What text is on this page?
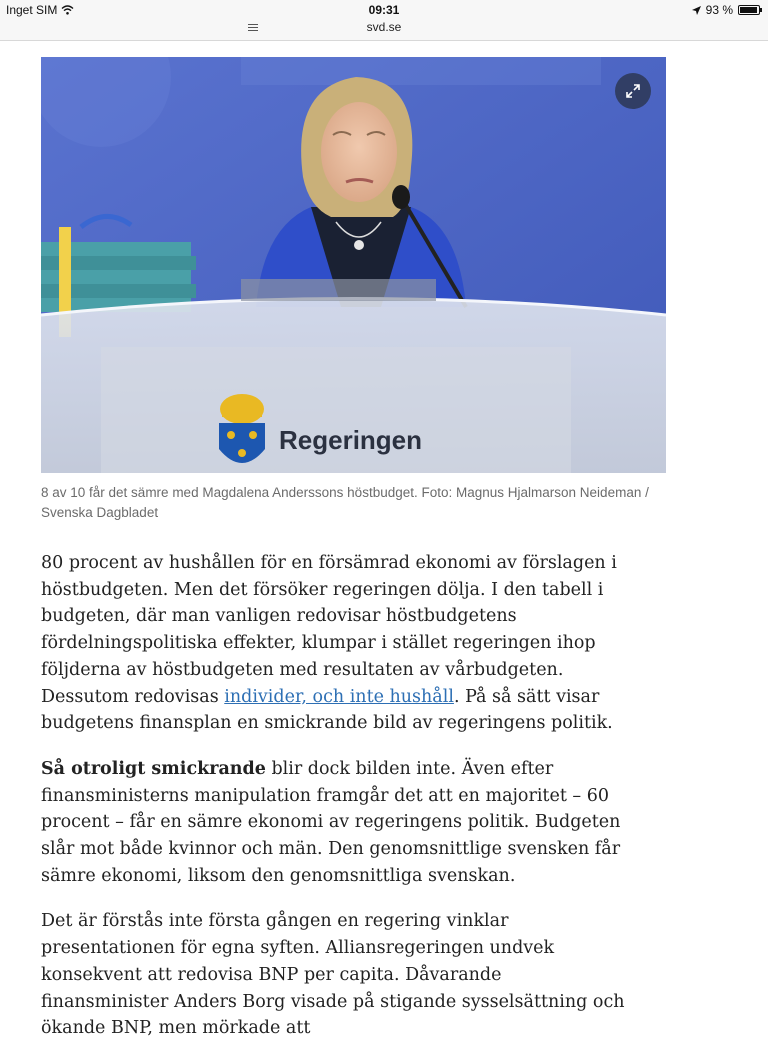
Inget SIM	09:31	93 %
svd.se
Regeringen
8 av 10 får det sämre med Magdalena Anderssons höstbudget. Foto: Magnus Hjalmarson Neideman / Svenska Dagbladet

80 procent av hushållen för en försämrad ekonomi av förslagen i höstbudgeten. Men det försöker regeringen dölja. I den tabell i budgeten, där man vanligen redovisar höstbudgetens fördelningspolitiska effekter, klumpar i stället regeringen ihop följderna av höstbudgeten med resultaten av vårbudgeten. Dessutom redovisas individer, och inte hushåll. På så sätt visar budgetens finansplan en smickrande bild av regeringens politik.

Så otroligt smickrande blir dock bilden inte. Även efter finansministerns manipulation framgår det att en majoritet – 60 procent – får en sämre ekonomi av regeringens politik. Budgeten slår mot både kvinnor och män. Den genomsnittlige svensken får sämre ekonomi, liksom den genomsnittliga svenskan.

Det är förstås inte första gången en regering vinklar presentationen för egna syften. Alliansregeringen undvek konsekvent att redovisa BNP per capita. Dåvarande finansminister Anders Borg visade på stigande sysselsättning och ökande BNP, men mörkade att
